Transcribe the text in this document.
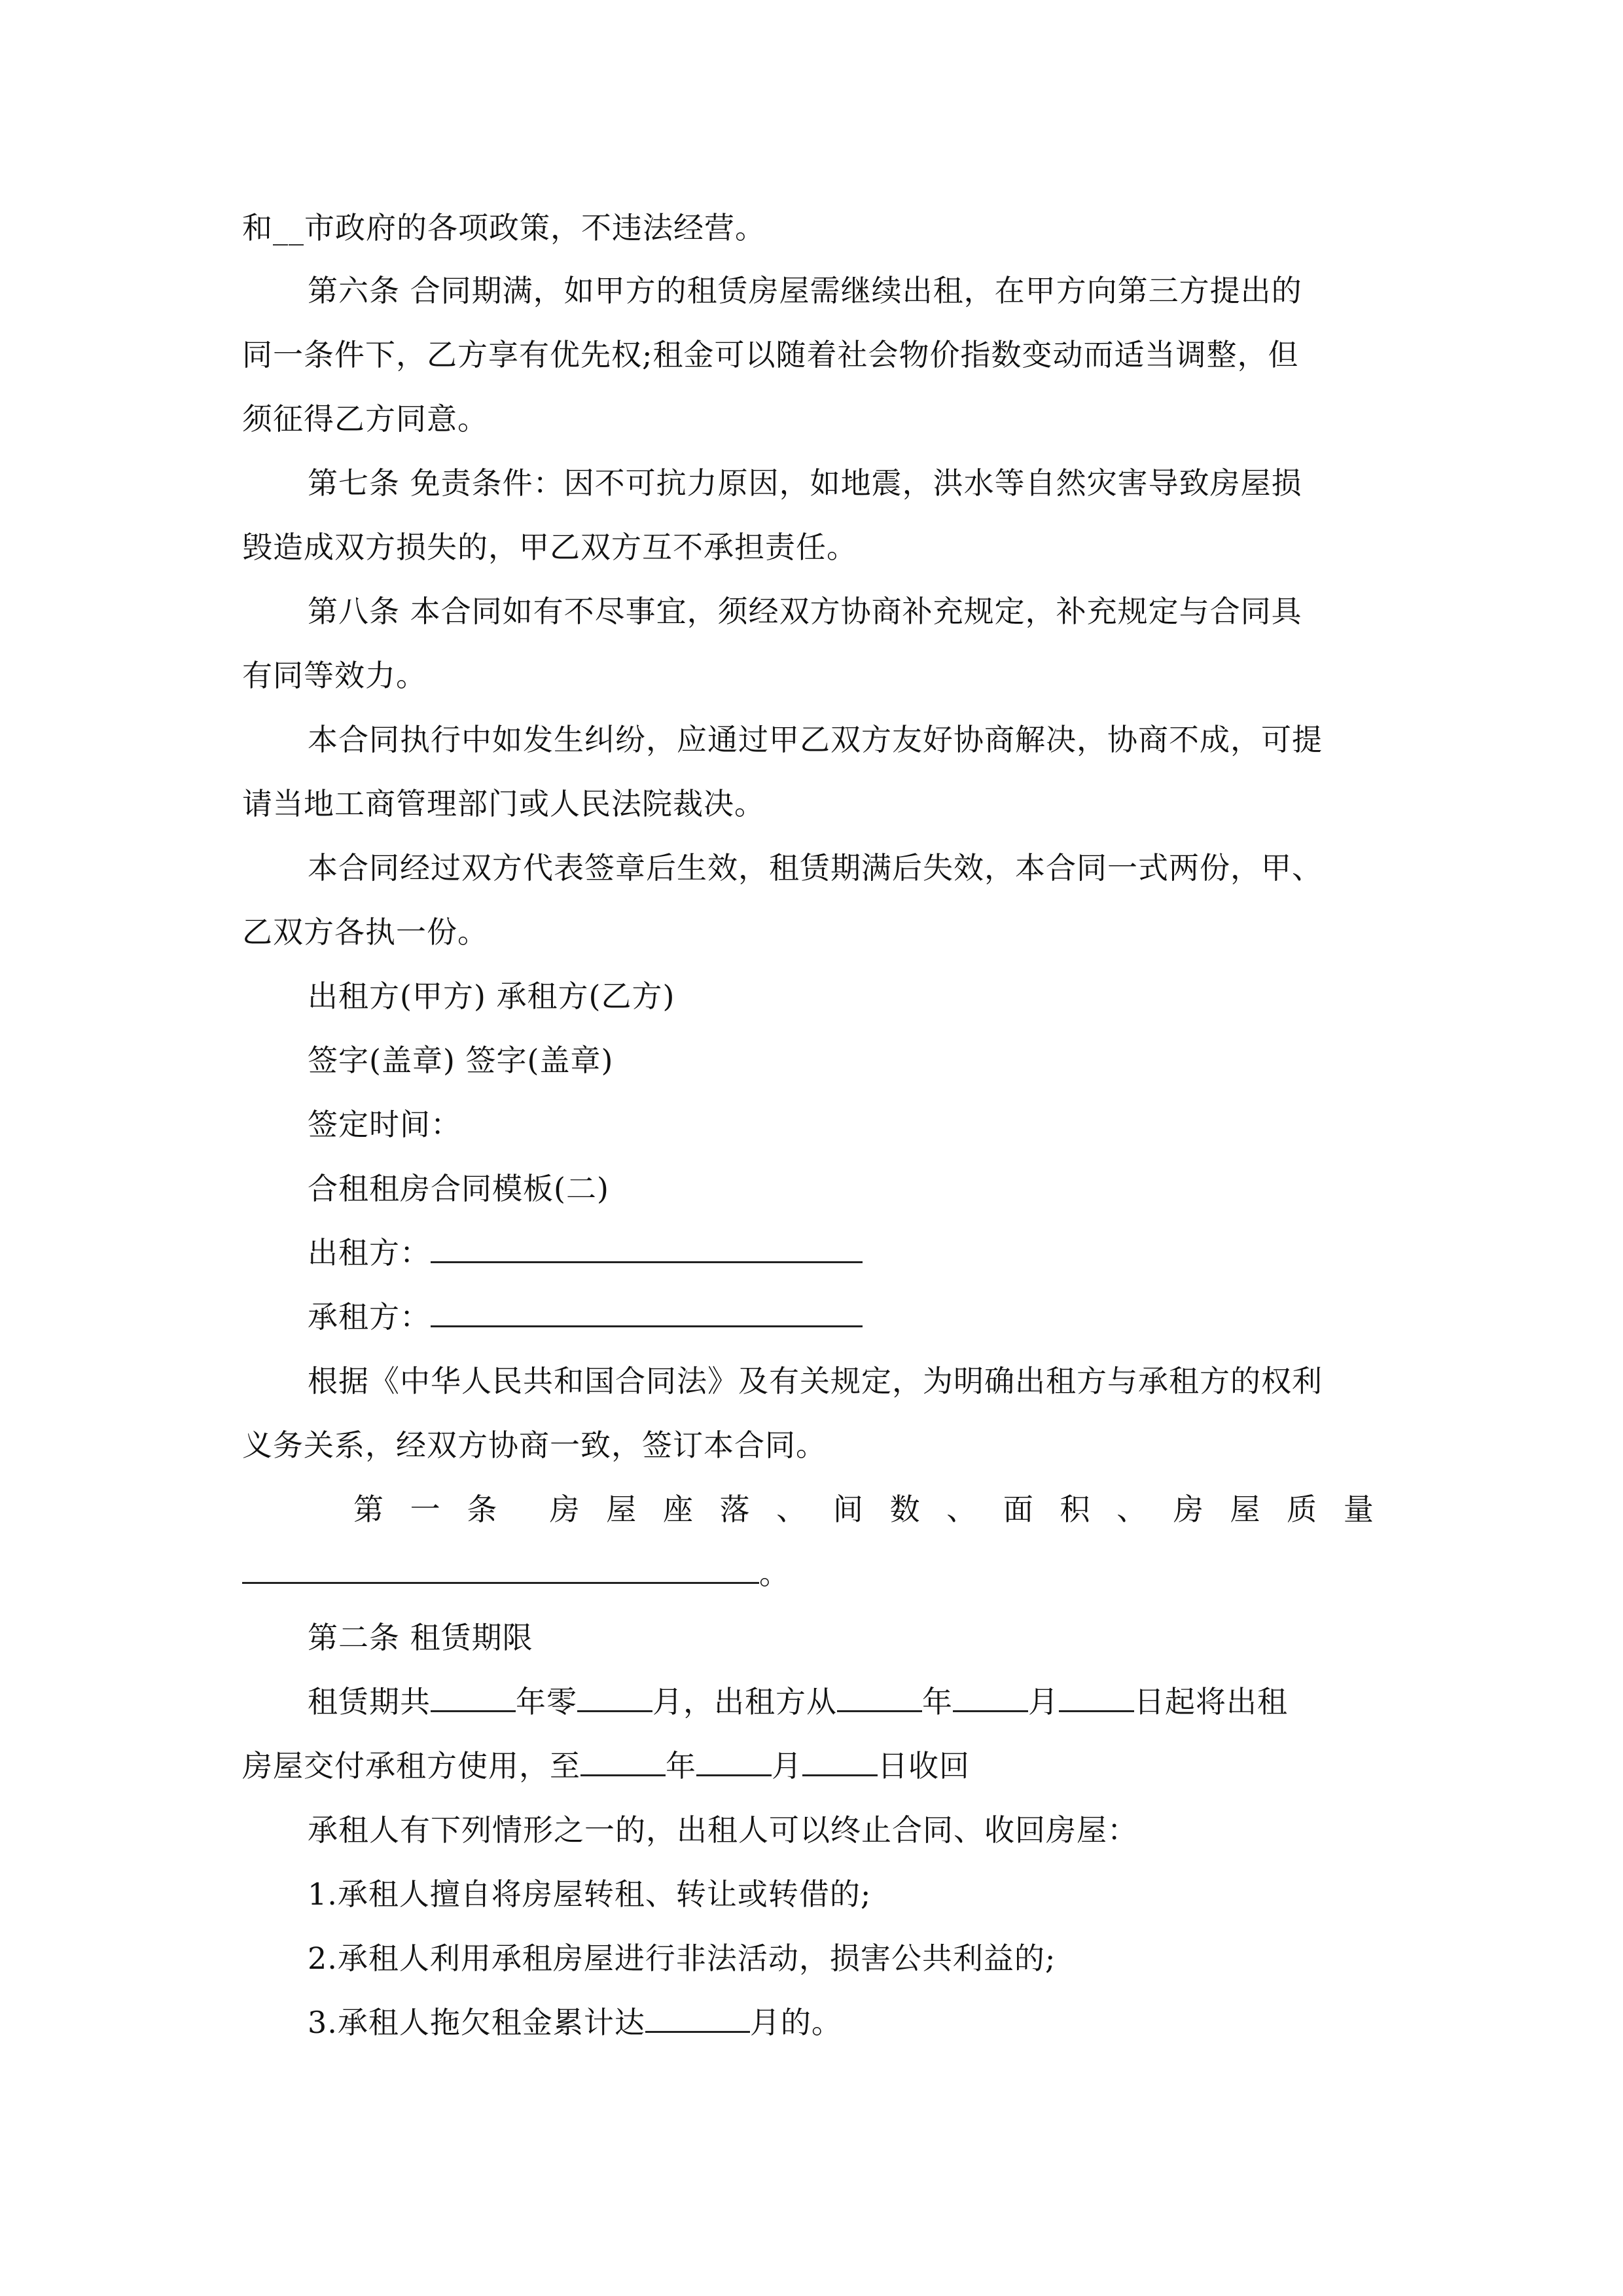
和__市政府的各项政策，不违法经营。
第六条 合同期满，如甲方的租赁房屋需继续出租，在甲方向第三方提出的
同一条件下，乙方享有优先权;租金可以随着社会物价指数变动而适当调整，但
须征得乙方同意。
第七条 免责条件：因不可抗力原因，如地震，洪水等自然灾害导致房屋损
毁造成双方损失的，甲乙双方互不承担责任。
第八条 本合同如有不尽事宜，须经双方协商补充规定，补充规定与合同具
有同等效力。
本合同执行中如发生纠纷，应通过甲乙双方友好协商解决，协商不成，可提
请当地工商管理部门或人民法院裁决。
本合同经过双方代表签章后生效，租赁期满后失效，本合同一式两份，甲、
乙双方各执一份。
出租方(甲方) 承租方(乙方)
签字(盖章) 签字(盖章)
签定时间：
合租租房合同模板(二)
出租方：
承租方：
根据《中华人民共和国合同法》及有关规定，为明确出租方与承租方的权利
义务关系，经双方协商一致，签订本合同。
第 一 条 房 屋 座 落 、 间 数 、 面 积 、 房 屋 质 量
。
第二条 租赁期限
租赁期共	年零	月，出租方从	年	月	日起将出租
房屋交付承租方使用，至	年	月	日收回
承租人有下列情形之一的，出租人可以终止合同、收回房屋：
1.承租人擅自将房屋转租、转让或转借的;
2.承租人利用承租房屋进行非法活动，损害公共利益的;
3.承租人拖欠租金累计达	月的。
